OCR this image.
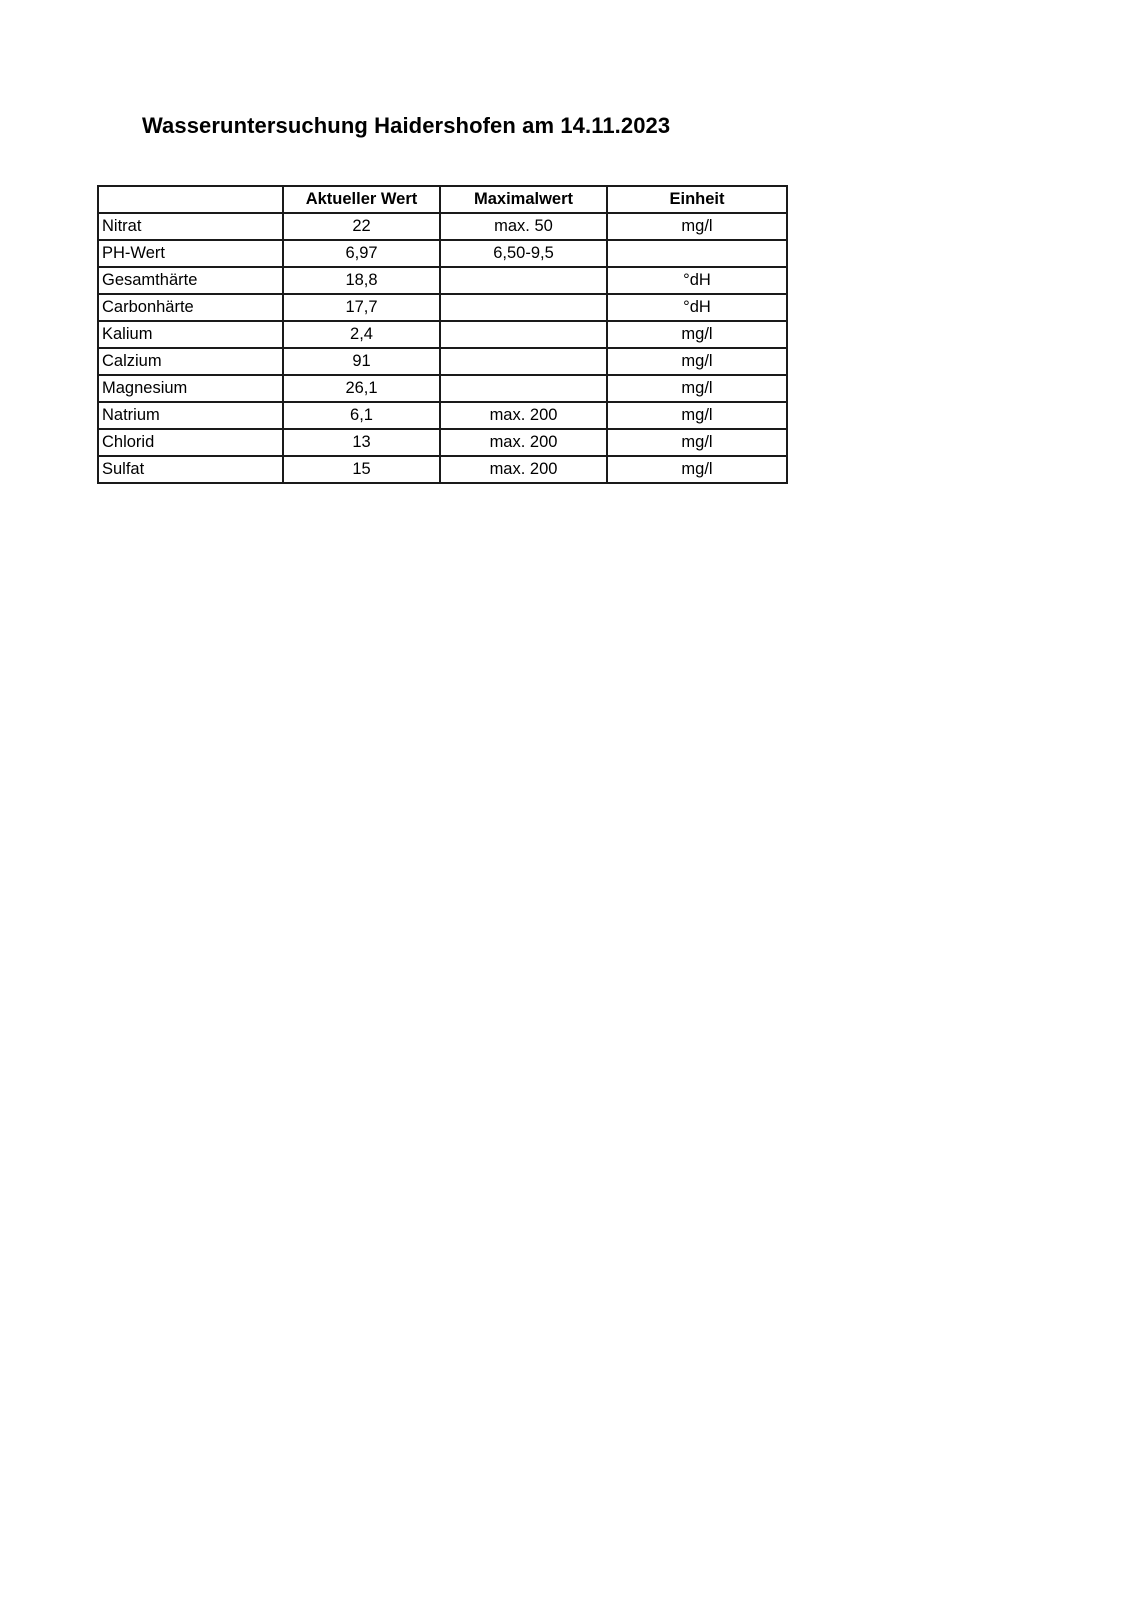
Wasseruntersuchung Haidershofen am 14.11.2023
	Aktueller Wert	Maximalwert	Einheit
Nitrat	22	max. 50	mg/l
PH-Wert	6,97	6,50-9,5	
Gesamthärte	18,8		°dH
Carbonhärte	17,7		°dH
Kalium	2,4		mg/l
Calzium	91		mg/l
Magnesium	26,1		mg/l
Natrium	6,1	max. 200	mg/l
Chlorid	13	max. 200	mg/l
Sulfat	15	max. 200	mg/l
